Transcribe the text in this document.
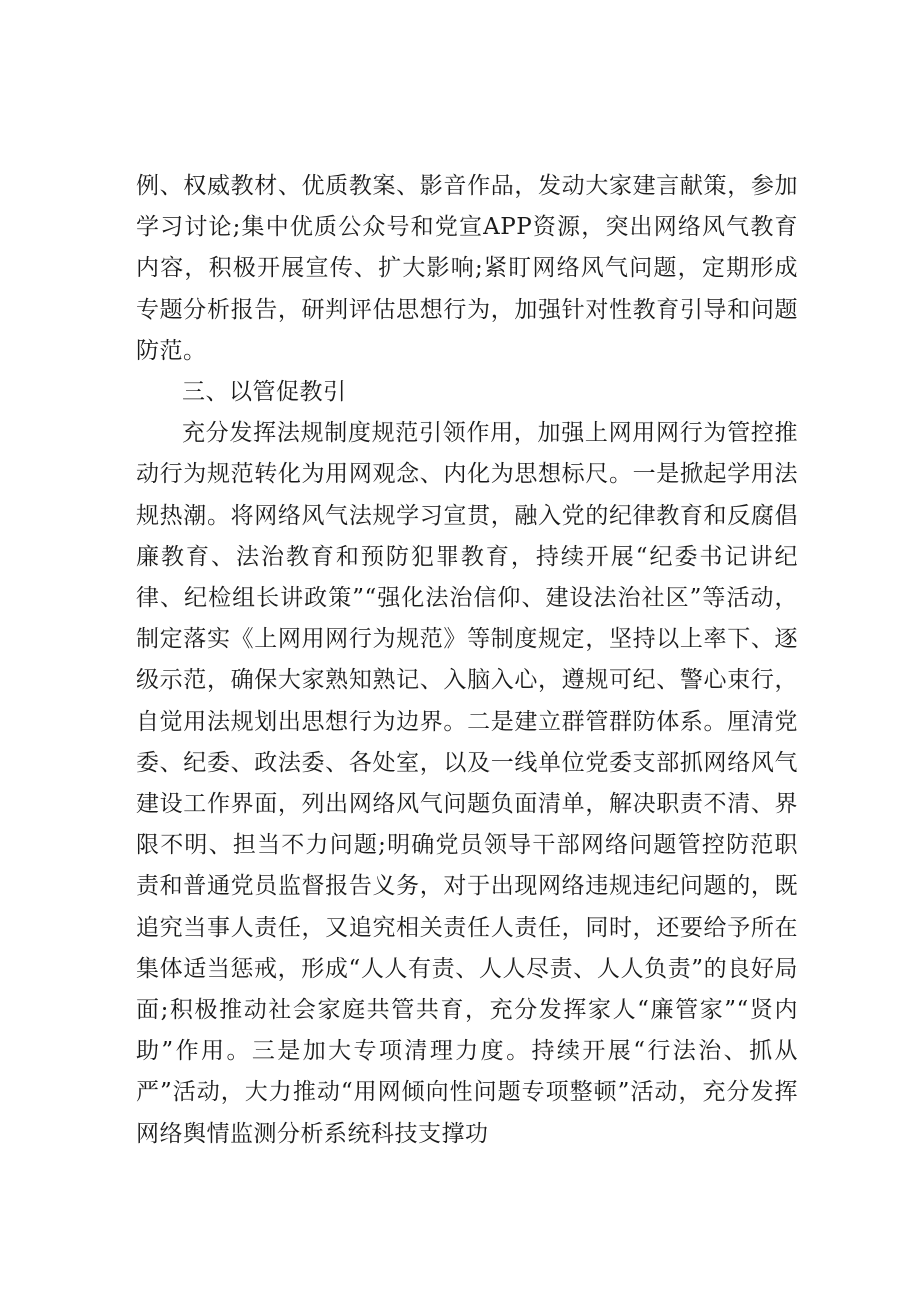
例、权威教材、优质教案、影音作品，发动大家建言献策，参加学习讨论;集中优质公众号和党宣APP资源，突出网络风气教育内容，积极开展宣传、扩大影响;紧盯网络风气问题，定期形成专题分析报告，研判评估思想行为，加强针对性教育引导和问题防范。

三、以管促教引

充分发挥法规制度规范引领作用，加强上网用网行为管控推动行为规范转化为用网观念、内化为思想标尺。一是掀起学用法规热潮。将网络风气法规学习宣贯，融入党的纪律教育和反腐倡廉教育、法治教育和预防犯罪教育，持续开展“纪委书记讲纪律、纪检组长讲政策”“强化法治信仰、建设法治社区”等活动，制定落实《上网用网行为规范》等制度规定，坚持以上率下、逐级示范，确保大家熟知熟记、入脑入心，遵规可纪、警心束行，自觉用法规划出思想行为边界。二是建立群管群防体系。厘清党委、纪委、政法委、各处室，以及一线单位党委支部抓网络风气建设工作界面，列出网络风气问题负面清单，解决职责不清、界限不明、担当不力问题;明确党员领导干部网络问题管控防范职责和普通党员监督报告义务，对于出现网络违规违纪问题的，既追究当事人责任，又追究相关责任人责任，同时，还要给予所在集体适当惩戒，形成“人人有责、人人尽责、人人负责”的良好局面;积极推动社会家庭共管共育，充分发挥家人“廉管家”“贤内助”作用。三是加大专项清理力度。持续开展“行法治、抓从严”活动，大力推动“用网倾向性问题专项整顿”活动，充分发挥网络舆情监测分析系统科技支撑功
